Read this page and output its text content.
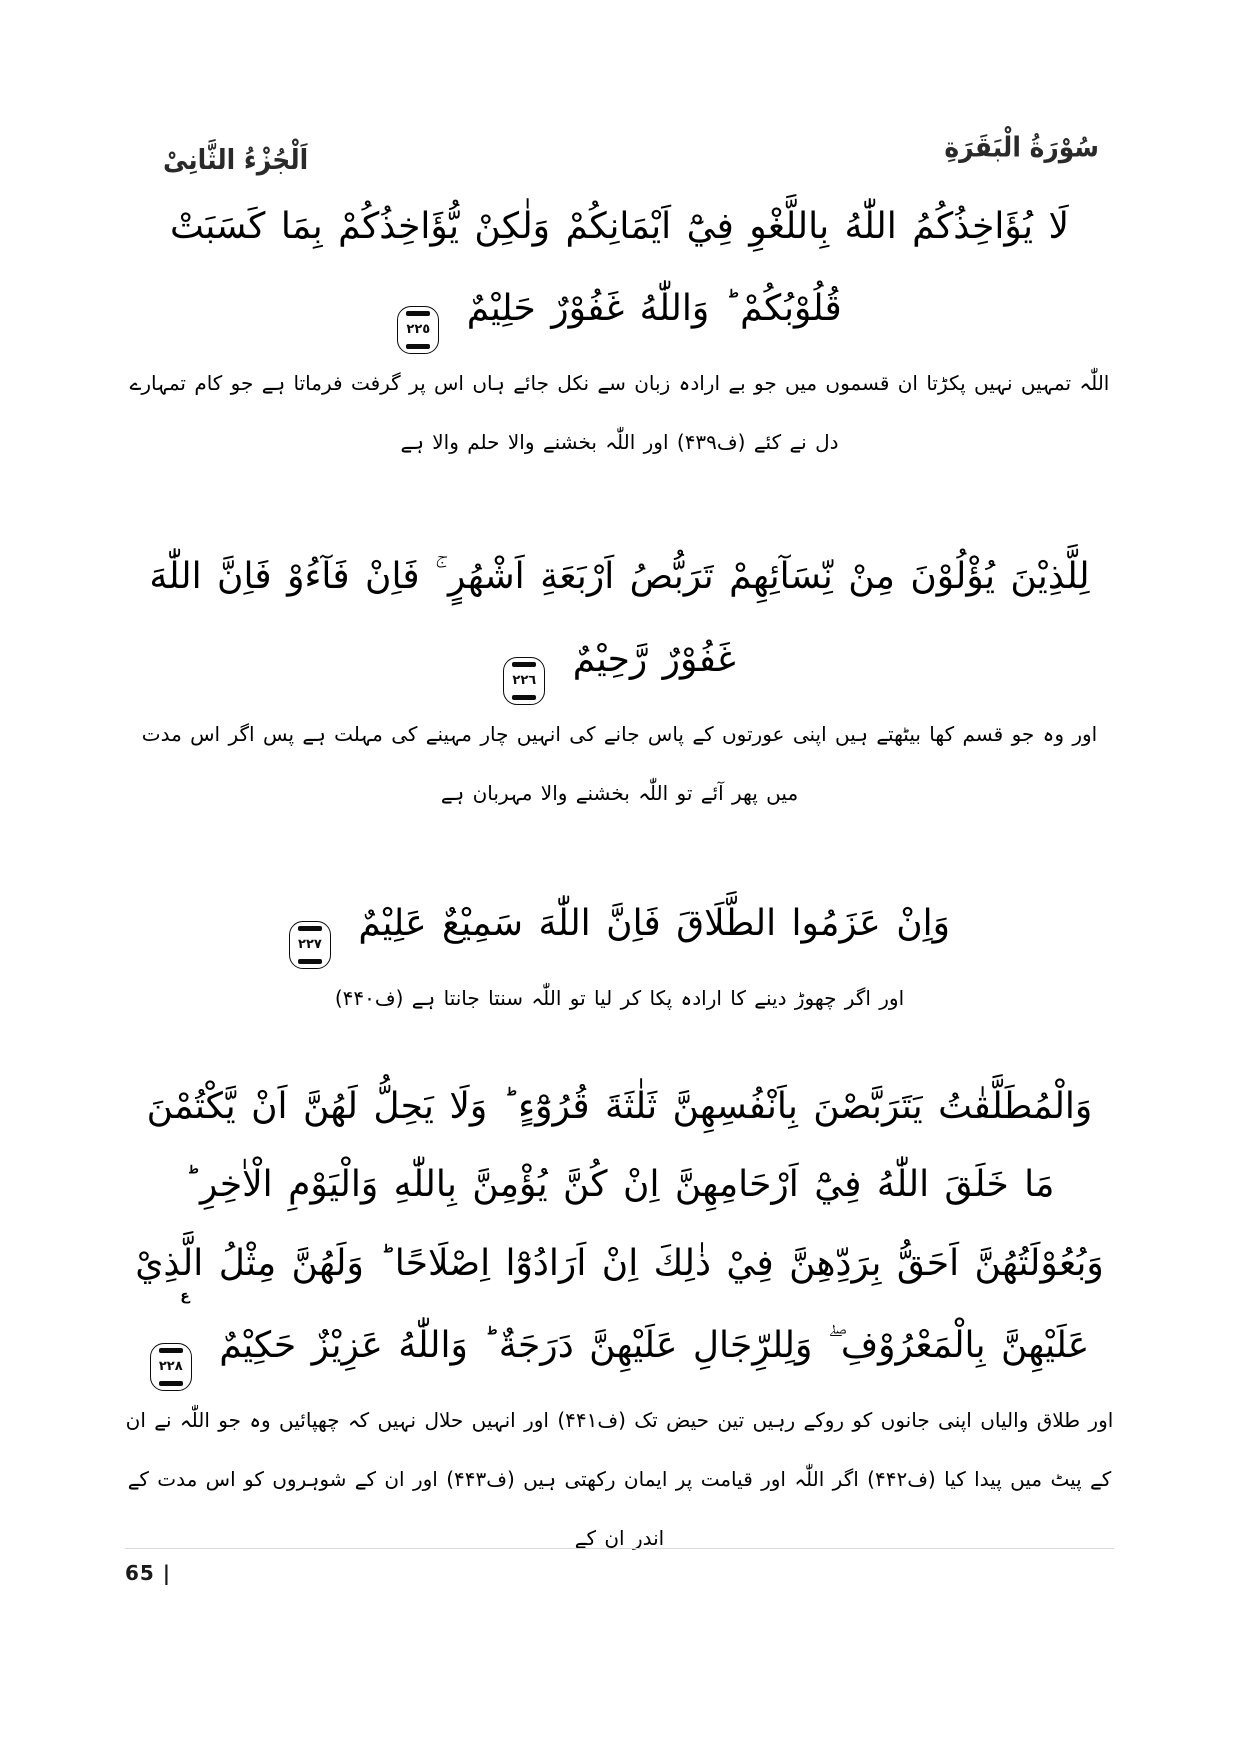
سُوْرَةُ الْبَقَرَةِ
اَلْجُزْءُ الثَّانِیْ
لَا يُؤَاخِذُكُمُ اللّٰهُ بِاللَّغْوِ فِيْٓ اَيْمَانِكُمْ وَلٰكِنْ يُّؤَاخِذُكُمْ بِمَا كَسَبَتْ قُلُوْبُكُمْ ؕ وَاللّٰهُ غَفُوْرٌ حَلِيْمٌ
٢٢٥
اللّٰہ تمہیں نہیں پکڑتا ان قسموں میں جو بے ارادہ زبان سے نکل جائے ہاں اس پر گرفت فرماتا ہے جو کام تمہارے دل نے کئے (ف۴۳۹) اور اللّٰہ بخشنے والا حلم والا ہے
لِلَّذِيْنَ يُؤْلُوْنَ مِنْ نِّسَآئِهِمْ تَرَبُّصُ اَرْبَعَةِ اَشْهُرٍ ۚ فَاِنْ فَآءُوْ فَاِنَّ اللّٰهَ غَفُوْرٌ رَّحِيْمٌ
٢٢٦
اور وہ جو قسم کھا بیٹھتے ہیں اپنی عورتوں کے پاس جانے کی انہیں چار مہینے کی مہلت ہے پس اگر اس مدت میں پھر آئے تو اللّٰہ بخشنے والا مہربان ہے
وَاِنْ عَزَمُوا الطَّلَاقَ فَاِنَّ اللّٰهَ سَمِيْعٌ عَلِيْمٌ
٢٢٧
اور اگر چھوڑ دینے کا ارادہ پکا کر لیا تو اللّٰہ سنتا جانتا ہے (ف۴۴۰)
وَالْمُطَلَّقٰتُ يَتَرَبَّصْنَ بِاَنْفُسِهِنَّ ثَلٰثَةَ قُرُوْٓءٍ ؕ وَلَا يَحِلُّ لَهُنَّ اَنْ يَّكْتُمْنَ مَا خَلَقَ اللّٰهُ فِيْٓ اَرْحَامِهِنَّ اِنْ كُنَّ يُؤْمِنَّ بِاللّٰهِ وَالْيَوْمِ الْاٰخِرِ ؕ وَبُعُوْلَتُهُنَّ اَحَقُّ بِرَدِّهِنَّ فِيْ ذٰلِكَ اِنْ اَرَادُوْٓا اِصْلَاحًا ؕ وَلَهُنَّ مِثْلُ الَّذِيْ عَلَيْهِنَّ بِالْمَعْرُوْفِ ۖ وَلِلرِّجَالِ عَلَيْهِنَّ دَرَجَةٌ ؕ وَاللّٰهُ عَزِيْزٌ حَكِيْمٌ
ع
٢٢٨
اور طلاق والیاں اپنی جانوں کو روکے رہیں تین حیض تک (ف۴۴۱) اور انہیں حلال نہیں کہ چھپائیں وہ جو اللّٰہ نے ان کے پیٹ میں پیدا کیا (ف۴۴۲) اگر اللّٰہ اور قیامت پر ایمان رکھتی ہیں (ف۴۴۳) اور ان کے شوہروں کو اس مدت کے اندر ان کے
65 |
